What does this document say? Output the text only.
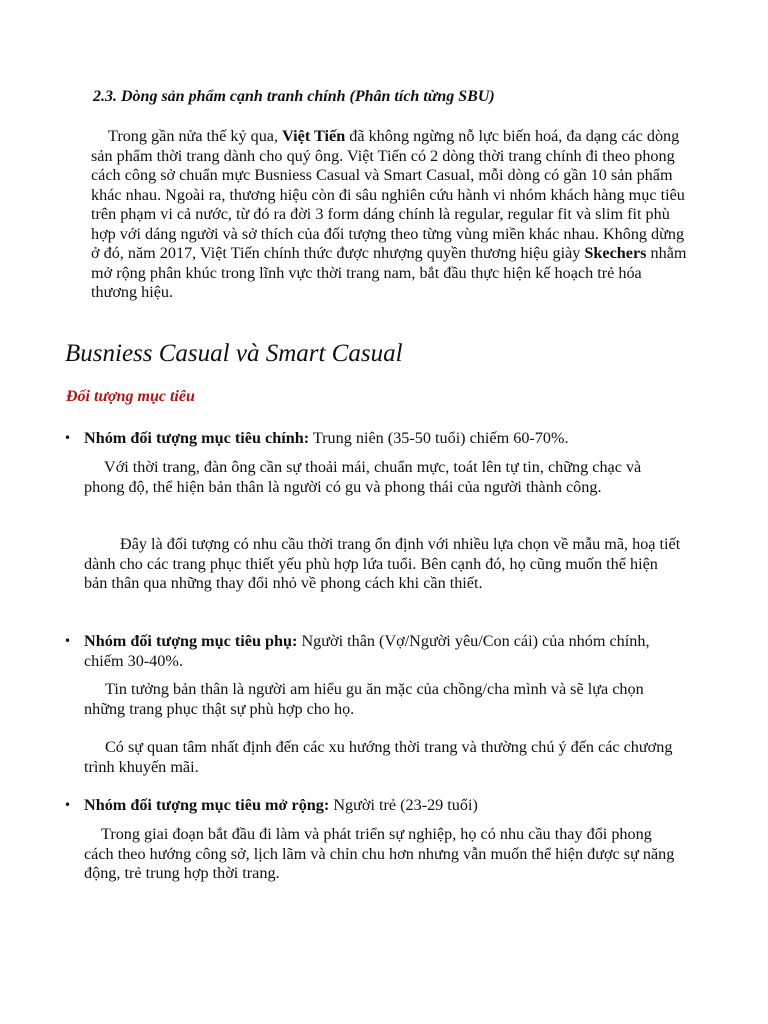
2.3. Dòng sản phẩm cạnh tranh chính (Phân tích từng SBU)

Trong gần nửa thế kỷ qua, Việt Tiến đã không ngừng nỗ lực biến hoá, đa dạng các dòng sản phẩm thời trang dành cho quý ông. Việt Tiến có 2 dòng thời trang chính đi theo phong cách công sở chuẩn mực Busniess Casual và Smart Casual, mỗi dòng có gần 10 sản phẩm khác nhau. Ngoài ra, thương hiệu còn đi sâu nghiên cứu hành vi nhóm khách hàng mục tiêu trên phạm vi cả nước, từ đó ra đời 3 form dáng chính là regular, regular fit và slim fit phù hợp với dáng người và sở thích của đối tượng theo từng vùng miền khác nhau. Không dừng ở đó, năm 2017, Việt Tiến chính thức được nhượng quyền thương hiệu giày Skechers nhằm mở rộng phân khúc trong lĩnh vực thời trang nam, bắt đầu thực hiện kế hoạch trẻ hóa thương hiệu.

Busniess Casual và Smart Casual
Đối tượng mục tiêu
• Nhóm đối tượng mục tiêu chính: Trung niên (35-50 tuổi) chiếm 60-70%.

Với thời trang, đàn ông cần sự thoải mái, chuẩn mực, toát lên tự tin, chững chạc và phong độ, thể hiện bản thân là người có gu và phong thái của người thành công.

Đây là đối tượng có nhu cầu thời trang ổn định với nhiều lựa chọn về mẫu mã, hoạ tiết dành cho các trang phục thiết yếu phù hợp lứa tuổi. Bên cạnh đó, họ cũng muốn thể hiện bản thân qua những thay đổi nhỏ về phong cách khi cần thiết.

• Nhóm đối tượng mục tiêu phụ: Người thân (Vợ/Người yêu/Con cái) của nhóm chính, chiếm 30-40%.

Tin tưởng bản thân là người am hiểu gu ăn mặc của chồng/cha mình và sẽ lựa chọn những trang phục thật sự phù hợp cho họ.

Có sự quan tâm nhất định đến các xu hướng thời trang và thường chú ý đến các chương trình khuyến mãi.

• Nhóm đối tượng mục tiêu mở rộng: Người trẻ (23-29 tuổi)

Trong giai đoạn bắt đầu đi làm và phát triển sự nghiệp, họ có nhu cầu thay đổi phong cách theo hướng công sở, lịch lãm và chỉn chu hơn nhưng vẫn muốn thể hiện được sự năng động, trẻ trung hợp thời trang.
